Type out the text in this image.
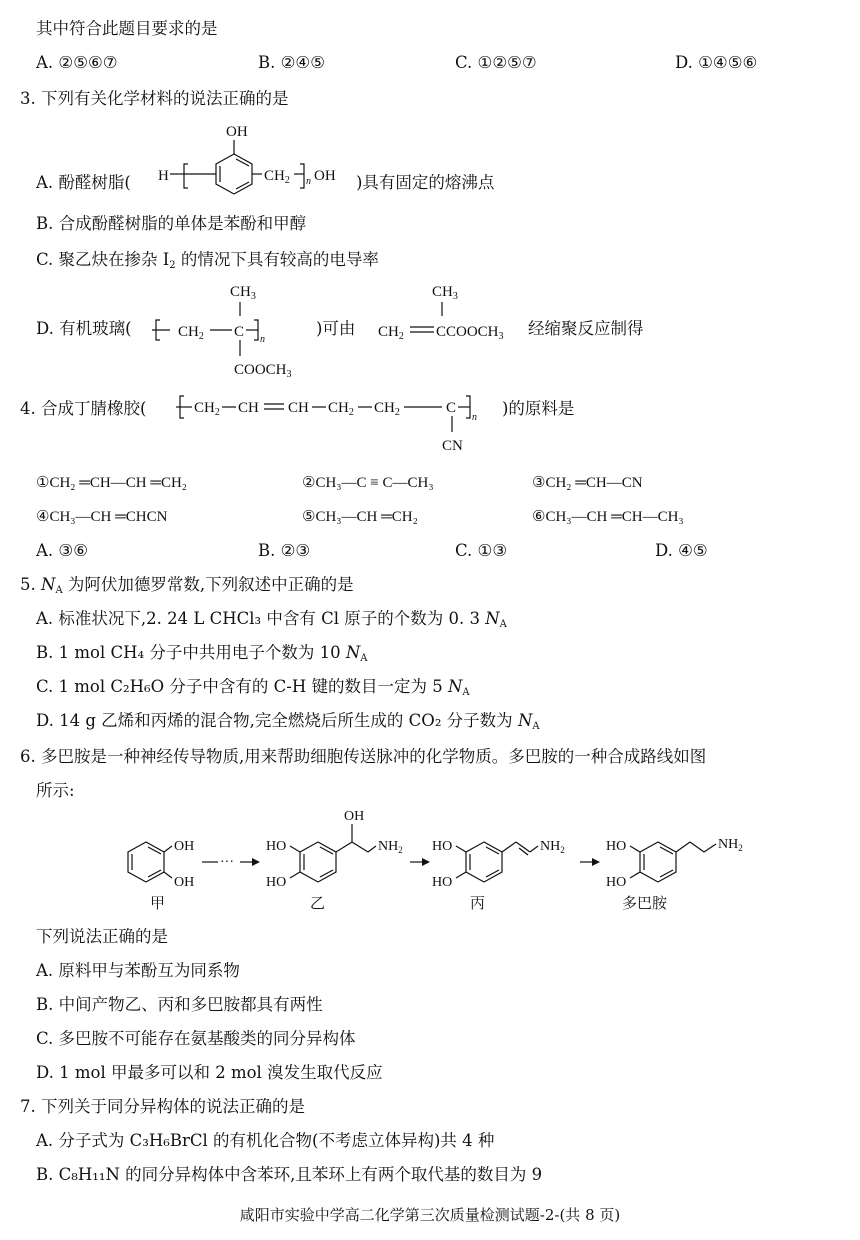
其中符合此题目要求的是
A. ②⑤⑥⑦	B. ②④⑤	C. ①②⑤⑦	D. ①④⑤⑥
3. 下列有关化学材料的说法正确的是
A. 酚醛树脂(
OH
H	$CH_2$ n OH )具有固定的熔沸点
B. 合成酚醛树脂的单体是苯酚和甲醇
C. 聚乙炔在掺杂 $I_2$ 的情况下具有较高的电导率
D. 有机玻璃(
$CH_3$
$CH_2$ C n
$COOCH_3$
)可由
$CH_3$
$CH_2$ $CCOOCH_3$ 经缩聚反应制得
4. 合成丁腈橡胶(	$CH_2$ CH CH $CH_2$ $CH_2$	C
n
CN
)的原料是
①CH₂ ═CH—CH ═CH₂	②CH₃—C ≡ C—CH₃	③CH₂ ═CH—CN
④CH₃—CH ═CHCN	⑤CH₃—CH ═CH₂	⑥CH₃—CH ═CH—CH₃
A. ③⑥	B. ②③	C. ①③	D. ④⑤
5. $N_A$ 为阿伏加德罗常数,下列叙述中正确的是
A. 标准状况下,2. 24 L CHCl₃ 中含有 Cl 原子的个数为 0. 3 $N_A$
B. 1 mol CH₄ 分子中共用电子个数为 10 $N_A$
C. 1 mol C₂H₆O 分子中含有的 C-H 键的数目一定为 5 $N_A$
D. 14 g 乙烯和丙烯的混合物,完全燃烧后所生成的 CO₂ 分子数为 $N_A$
6. 多巴胺是一种神经传导物质,用来帮助细胞传送脉冲的化学物质。多巴胺的一种合成路线如图
所示:
OH
OH
甲
···
HO
HO
OH
$NH_2$
乙
HO
HO
$NH_2$
丙
HO
HO
$NH_2$
多巴胺
下列说法正确的是
A. 原料甲与苯酚互为同系物
B. 中间产物乙、丙和多巴胺都具有两性
C. 多巴胺不可能存在氨基酸类的同分异构体
D. 1 mol 甲最多可以和 2 mol 溴发生取代反应
7. 下列关于同分异构体的说法正确的是
A. 分子式为 C₃H₆BrCl 的有机化合物(不考虑立体异构)共 4 种
B. C₈H₁₁N 的同分异构体中含苯环,且苯环上有两个取代基的数目为 9
咸阳市实验中学高二化学第三次质量检测试题-2-(共 8 页)
